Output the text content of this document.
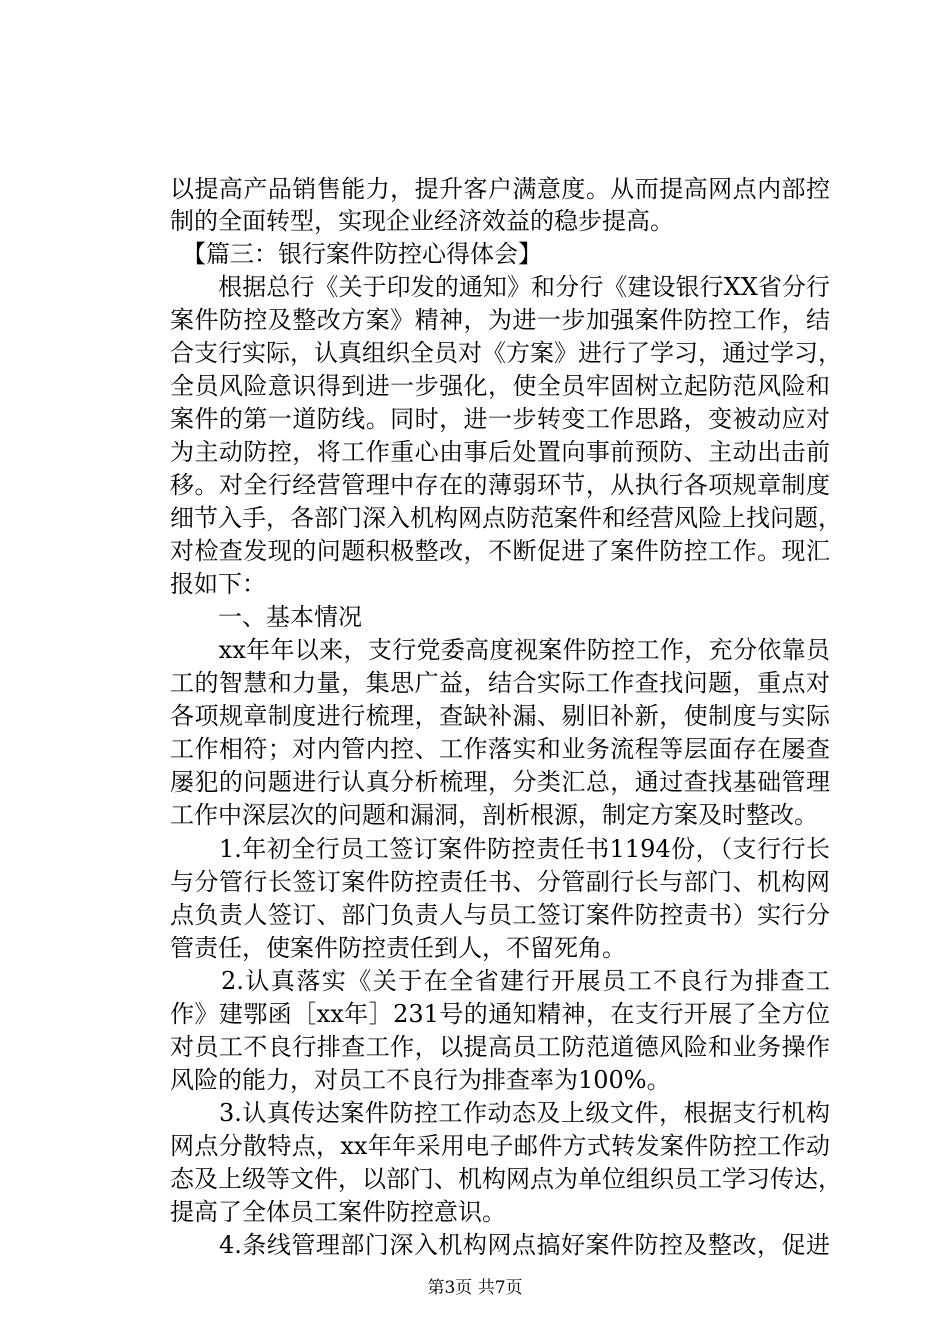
以提高产品销售能力，提升客户满意度。从而提高网点内部控
制的全面转型，实现企业经济效益的稳步提高。
　【篇三：银行案件防控心得体会】
　　根据总行《关于印发的通知》和分行《建设银行XX省分行
案件防控及整改方案》精神，为进一步加强案件防控工作，结
合支行实际，认真组织全员对《方案》进行了学习，通过学习，
全员风险意识得到进一步强化，使全员牢固树立起防范风险和
案件的第一道防线。同时，进一步转变工作思路，变被动应对
为主动防控，将工作重心由事后处置向事前预防、主动出击前
移。对全行经营管理中存在的薄弱环节，从执行各项规章制度
细节入手，各部门深入机构网点防范案件和经营风险上找问题，
对检查发现的问题积极整改，不断促进了案件防控工作。现汇
报如下：
　　一、基本情况
　　xx年年以来，支行党委高度视案件防控工作，充分依靠员
工的智慧和力量，集思广益，结合实际工作查找问题，重点对
各项规章制度进行梳理，查缺补漏、剔旧补新，使制度与实际
工作相符；对内管内控、工作落实和业务流程等层面存在屡查
屡犯的问题进行认真分析梳理，分类汇总，通过查找基础管理
工作中深层次的问题和漏洞，剖析根源，制定方案及时整改。
　　1.年初全行员工签订案件防控责任书1194份，（支行行长
与分管行长签订案件防控责任书、分管副行长与部门、机构网
点负责人签订、部门负责人与员工签订案件防控责书）实行分
管责任，使案件防控责任到人，不留死角。
　　2.认真落实《关于在全省建行开展员工不良行为排查工
作》建鄂函［xx年］231号的通知精神，在支行开展了全方位
对员工不良行排查工作，以提高员工防范道德风险和业务操作
风险的能力，对员工不良行为排查率为100%。
　　3.认真传达案件防控工作动态及上级文件，根据支行机构
网点分散特点，xx年年采用电子邮件方式转发案件防控工作动
态及上级等文件，以部门、机构网点为单位组织员工学习传达，
提高了全体员工案件防控意识。
　　4.条线管理部门深入机构网点搞好案件防控及整改，促进
第3页 共7页
